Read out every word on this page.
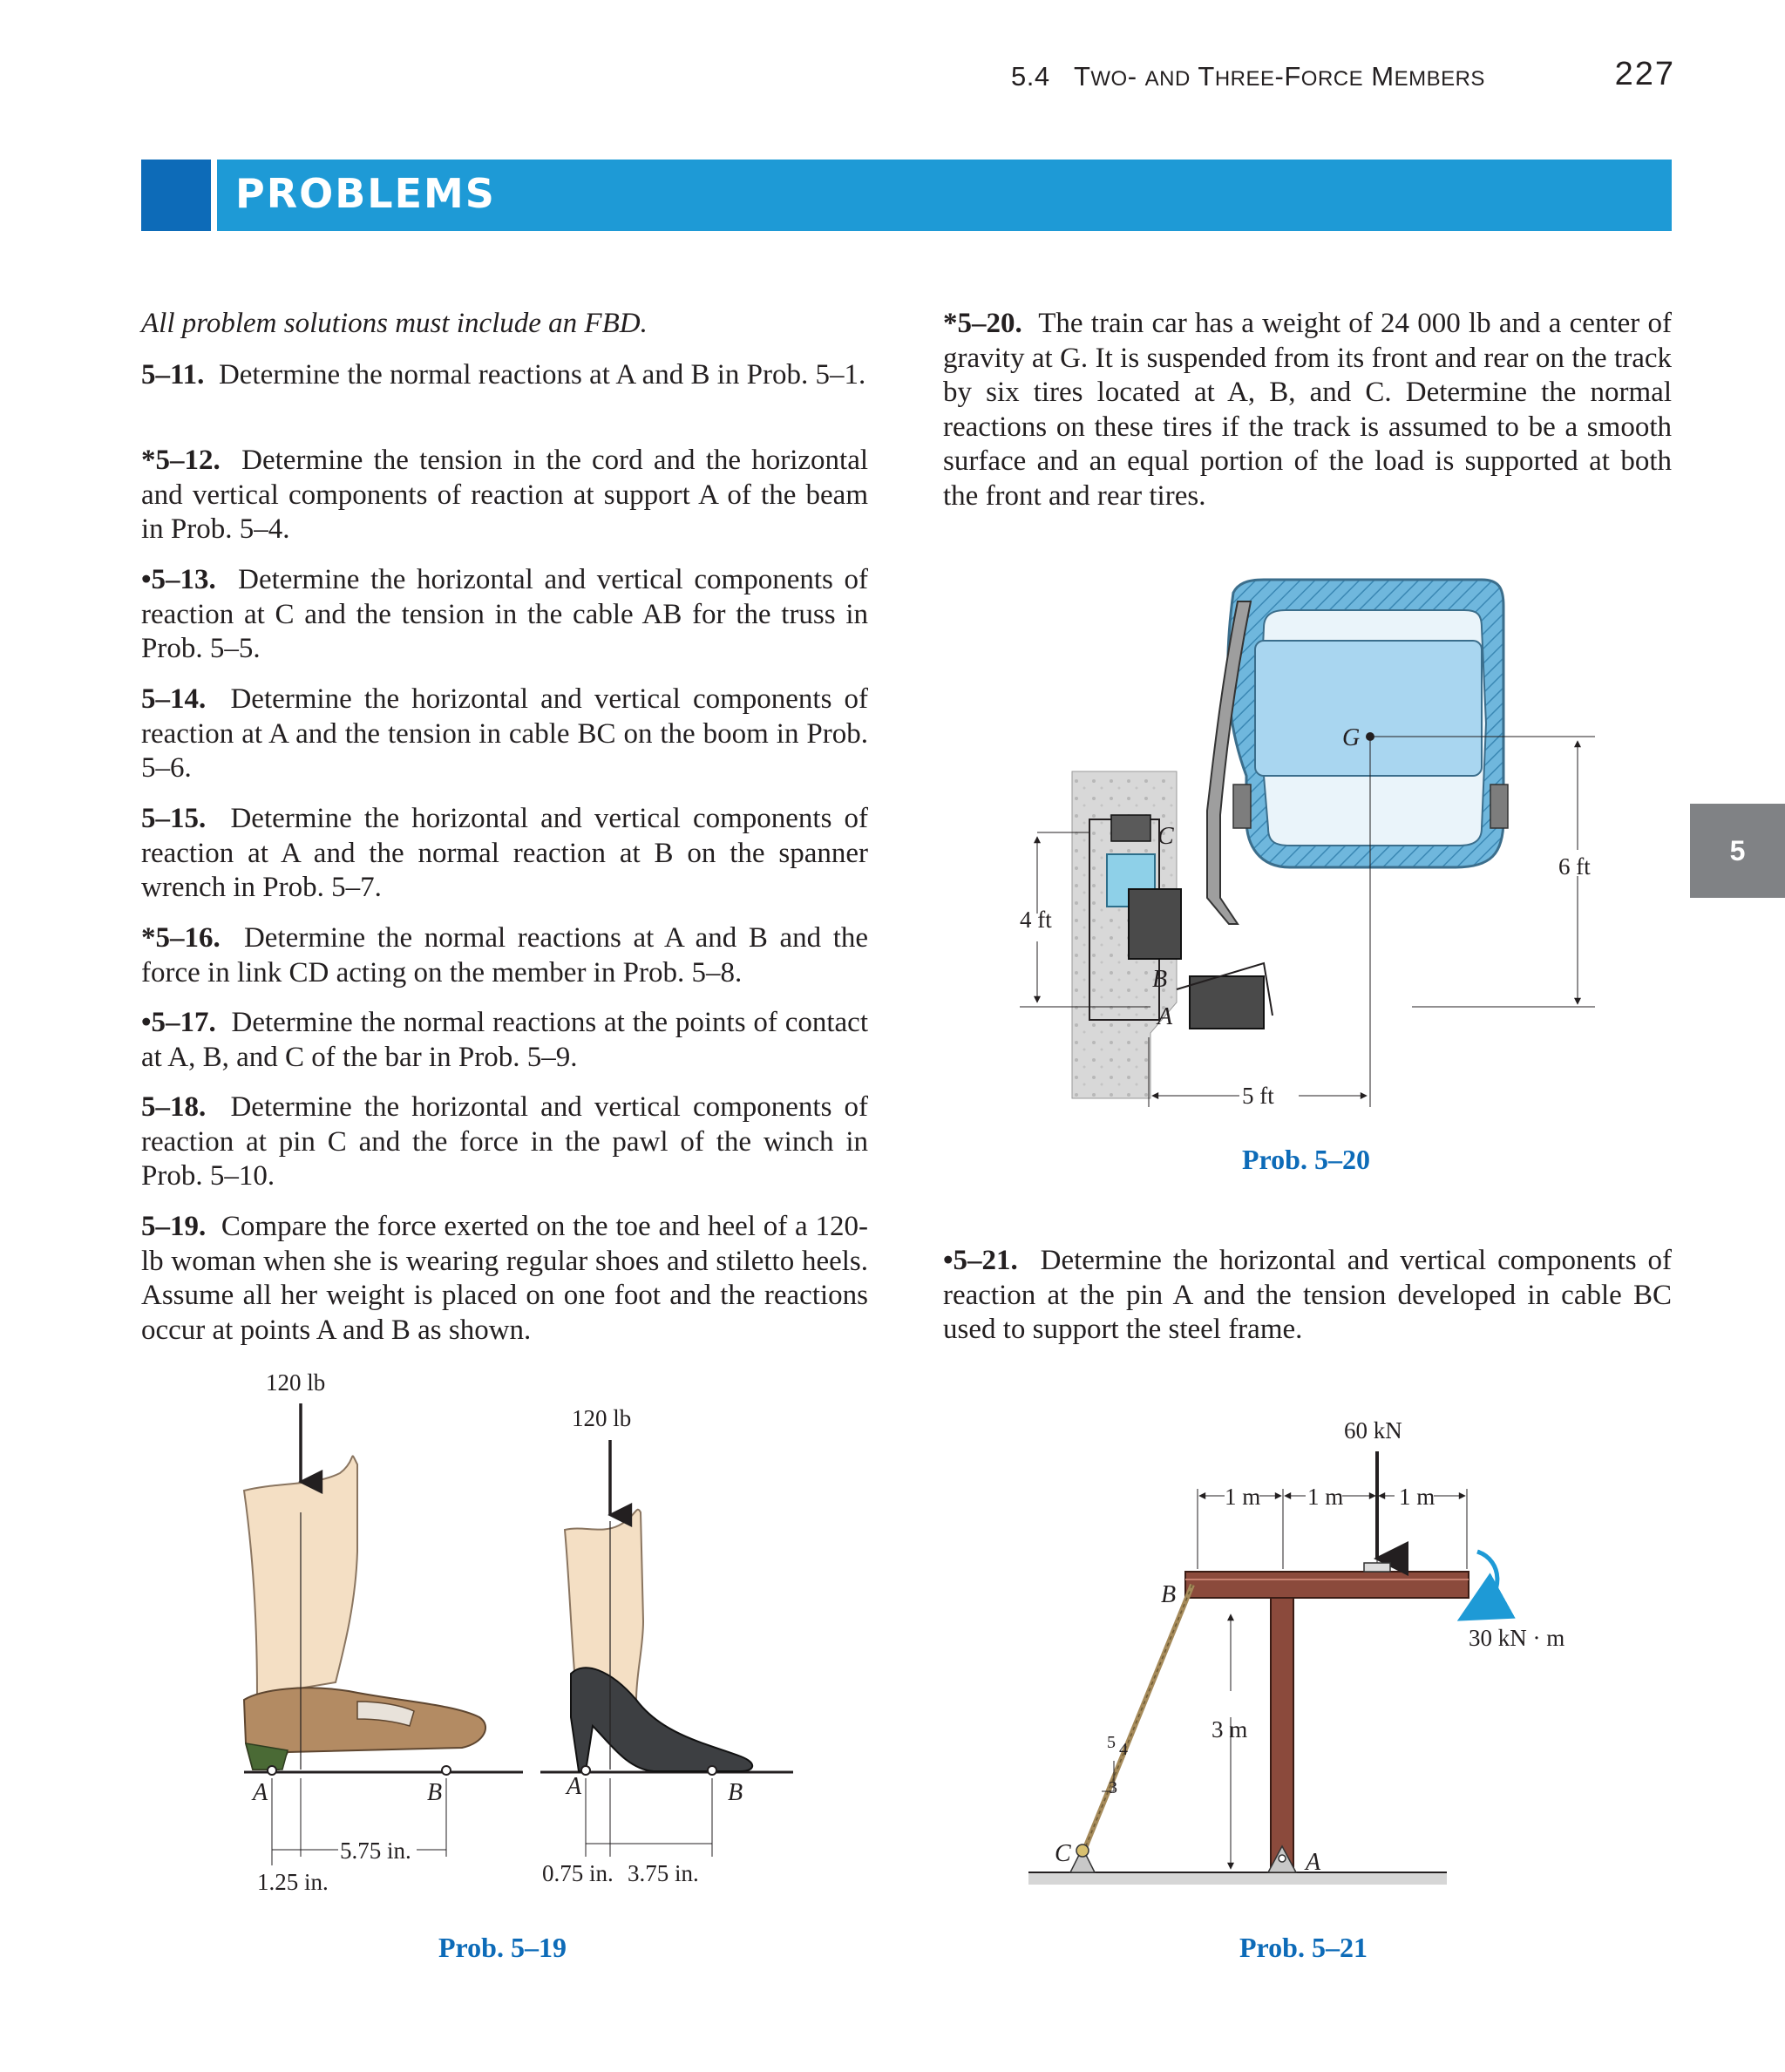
5.4 TWO- AND THREE-FORCE MEMBERS	227
PROBLEMS
5

All problem solutions must include an FBD.

5–11. Determine the normal reactions at A and B in Prob. 5–1.

*5–12. Determine the tension in the cord and the horizontal and vertical components of reaction at support A of the beam in Prob. 5–4.

•5–13. Determine the horizontal and vertical components of reaction at C and the tension in the cable AB for the truss in Prob. 5–5.

5–14. Determine the horizontal and vertical components of reaction at A and the tension in cable BC on the boom in Prob. 5–6.

5–15. Determine the horizontal and vertical components of reaction at A and the normal reaction at B on the spanner wrench in Prob. 5–7.

*5–16. Determine the normal reactions at A and B and the force in link CD acting on the member in Prob. 5–8.

•5–17. Determine the normal reactions at the points of contact at A, B, and C of the bar in Prob. 5–9.

5–18. Determine the horizontal and vertical components of reaction at pin C and the force in the pawl of the winch in Prob. 5–10.

5–19. Compare the force exerted on the toe and heel of a 120-lb woman when she is wearing regular shoes and stiletto heels. Assume all her weight is placed on one foot and the reactions occur at points A and B as shown.

*5–20. The train car has a weight of 24 000 lb and a center of gravity at G. It is suspended from its front and rear on the track by six tires located at A, B, and C. Determine the normal reactions on these tires if the track is assumed to be a smooth surface and an equal portion of the load is supported at both the front and rear tires.

•5–21. Determine the horizontal and vertical components of reaction at the pin A and the tension developed in cable BC used to support the steel frame.

120 lb
A	B
120 lb
A	B
5.75 in.
1.25 in.	0.75 in. 3.75 in.
Prob. 5–19
C
B
A
G
4 ft
6 ft
5 ft
Prob. 5–20
A
C
B
5 4
3
3 m
1 m 1 m 1 m
60 kN
30 kN · m
Prob. 5–21
